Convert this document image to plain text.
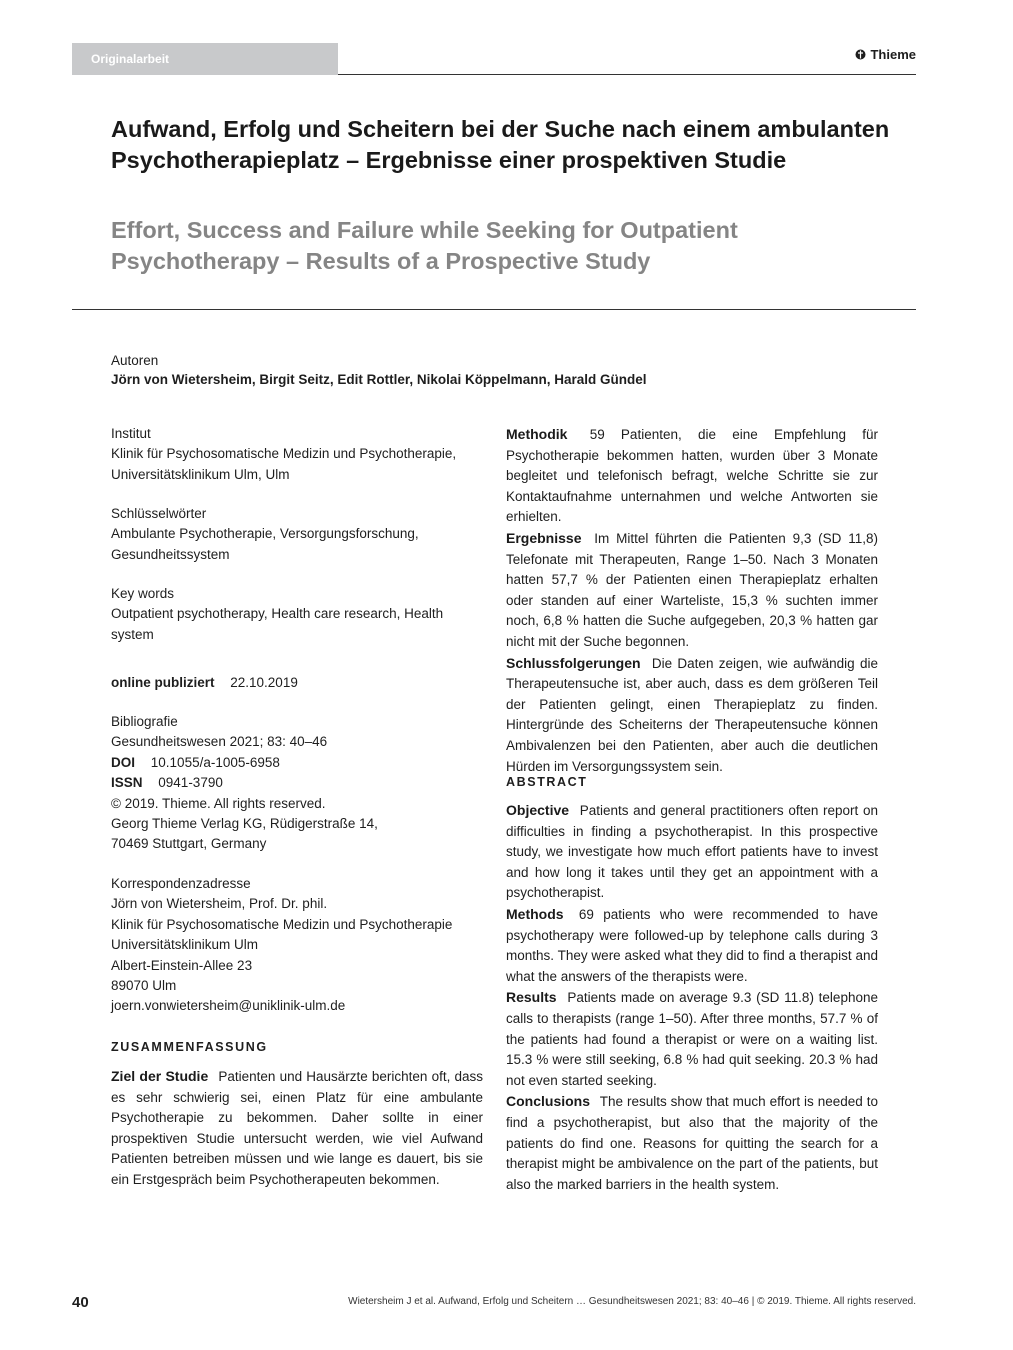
Originalarbeit	Thieme
Aufwand, Erfolg und Scheitern bei der Suche nach einem ambulanten Psychotherapieplatz – Ergebnisse einer prospektiven Studie
Effort, Success and Failure while Seeking for Outpatient Psychotherapy – Results of a Prospective Study
Autoren
Jörn von Wietersheim, Birgit Seitz, Edit Rottler, Nikolai Köppelmann, Harald Gündel
Institut
Klinik für Psychosomatische Medizin und Psychotherapie,
Universitätsklinikum Ulm, Ulm
Schlüsselwörter
Ambulante Psychotherapie, Versorgungsforschung,
Gesundheitssystem
Key words
Outpatient psychotherapy, Health care research, Health
system
online publiziert 22.10.2019
Bibliografie
Gesundheitswesen 2021; 83: 40–46
DOI 10.1055/a-1005-6958
ISSN 0941-3790
© 2019. Thieme. All rights reserved.
Georg Thieme Verlag KG, Rüdigerstraße 14,
70469 Stuttgart, Germany
Korrespondenzadresse
Jörn von Wietersheim, Prof. Dr. phil.
Klinik für Psychosomatische Medizin und Psychotherapie
Universitätsklinikum Ulm
Albert-Einstein-Allee 23
89070 Ulm
joern.vonwietersheim@uniklinik-ulm.de
ZUSAMMENFASSUNG

Ziel der Studie Patienten und Hausärzte berichten oft, dass es sehr schwierig sei, einen Platz für eine ambulante Psychotherapie zu bekommen. Daher sollte in einer prospektiven Studie untersucht werden, wie viel Aufwand Patienten betreiben müssen und wie lange es dauert, bis sie ein Erstgespräch beim Psychotherapeuten bekommen.

Methodik 59 Patienten, die eine Empfehlung für Psychotherapie bekommen hatten, wurden über 3 Monate begleitet und telefonisch befragt, welche Schritte sie zur Kontaktaufnahme unternahmen und welche Antworten sie erhielten.

Ergebnisse Im Mittel führten die Patienten 9,3 (SD 11,8) Telefonate mit Therapeuten, Range 1–50. Nach 3 Monaten hatten 57,7 % der Patienten einen Therapieplatz erhalten oder standen auf einer Warteliste, 15,3 % suchten immer noch, 6,8 % hatten die Suche aufgegeben, 20,3 % hatten gar nicht mit der Suche begonnen.

Schlussfolgerungen Die Daten zeigen, wie aufwändig die Therapeutensuche ist, aber auch, dass es dem größeren Teil der Patienten gelingt, einen Therapieplatz zu finden. Hintergründe des Scheiterns der Therapeutensuche können Ambivalenzen bei den Patienten, aber auch die deutlichen Hürden im Versorgungssystem sein.

ABSTRACT

Objective Patients and general practitioners often report on difficulties in finding a psychotherapist. In this prospective study, we investigate how much effort patients have to invest and how long it takes until they get an appointment with a psychotherapist.

Methods 69 patients who were recommended to have psychotherapy were followed-up by telephone calls during 3 months. They were asked what they did to find a therapist and what the answers of the therapists were.

Results Patients made on average 9.3 (SD 11.8) telephone calls to therapists (range 1–50). After three months, 57.7 % of the patients had found a therapist or were on a waiting list. 15.3 % were still seeking, 6.8 % had quit seeking. 20.3 % had not even started seeking.

Conclusions The results show that much effort is needed to find a psychotherapist, but also that the majority of the patients do find one. Reasons for quitting the search for a therapist might be ambivalence on the part of the patients, but also the marked barriers in the health system.

40	Wietersheim J et al. Aufwand, Erfolg und Scheitern … Gesundheitswesen 2021; 83: 40–46 | © 2019. Thieme. All rights reserved.
